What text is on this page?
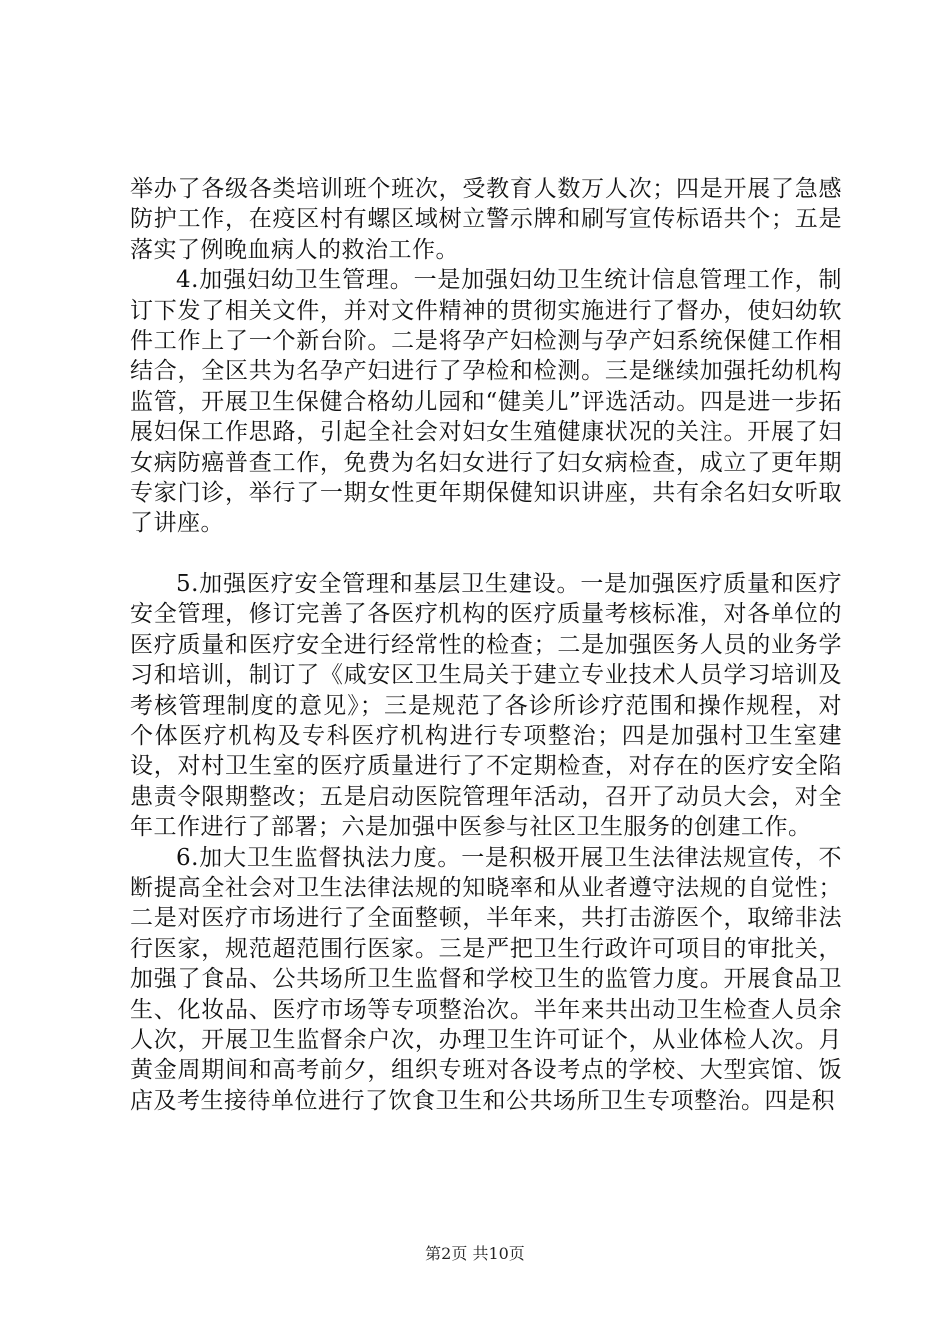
举办了各级各类培训班个班次，受教育人数万人次；四是开展了急感防护工作，在疫区村有螺区域树立警示牌和刷写宣传标语共个；五是落实了例晚血病人的救治工作。

4.加强妇幼卫生管理。一是加强妇幼卫生统计信息管理工作，制订下发了相关文件，并对文件精神的贯彻实施进行了督办，使妇幼软件工作上了一个新台阶。二是将孕产妇检测与孕产妇系统保健工作相结合，全区共为名孕产妇进行了孕检和检测。三是继续加强托幼机构监管，开展卫生保健合格幼儿园和“健美儿”评选活动。四是进一步拓展妇保工作思路，引起全社会对妇女生殖健康状况的关注。开展了妇女病防癌普查工作，免费为名妇女进行了妇女病检查，成立了更年期专家门诊，举行了一期女性更年期保健知识讲座，共有余名妇女听取了讲座。

5.加强医疗安全管理和基层卫生建设。一是加强医疗质量和医疗安全管理，修订完善了各医疗机构的医疗质量考核标准，对各单位的医疗质量和医疗安全进行经常性的检查；二是加强医务人员的业务学习和培训，制订了《咸安区卫生局关于建立专业技术人员学习培训及考核管理制度的意见》；三是规范了各诊所诊疗范围和操作规程，对个体医疗机构及专科医疗机构进行专项整治；四是加强村卫生室建设，对村卫生室的医疗质量进行了不定期检查，对存在的医疗安全陷患责令限期整改；五是启动医院管理年活动，召开了动员大会，对全年工作进行了部署；六是加强中医参与社区卫生服务的创建工作。

6.加大卫生监督执法力度。一是积极开展卫生法律法规宣传，不断提高全社会对卫生法律法规的知晓率和从业者遵守法规的自觉性；二是对医疗市场进行了全面整顿，半年来，共打击游医个，取缔非法行医家，规范超范围行医家。三是严把卫生行政许可项目的审批关，加强了食品、公共场所卫生监督和学校卫生的监管力度。开展食品卫生、化妆品、医疗市场等专项整治次。半年来共出动卫生检查人员余人次，开展卫生监督余户次，办理卫生许可证个，从业体检人次。月黄金周期间和高考前夕，组织专班对各设考点的学校、大型宾馆、饭店及考生接待单位进行了饮食卫生和公共场所卫生专项整治。四是积

第2页 共10页
